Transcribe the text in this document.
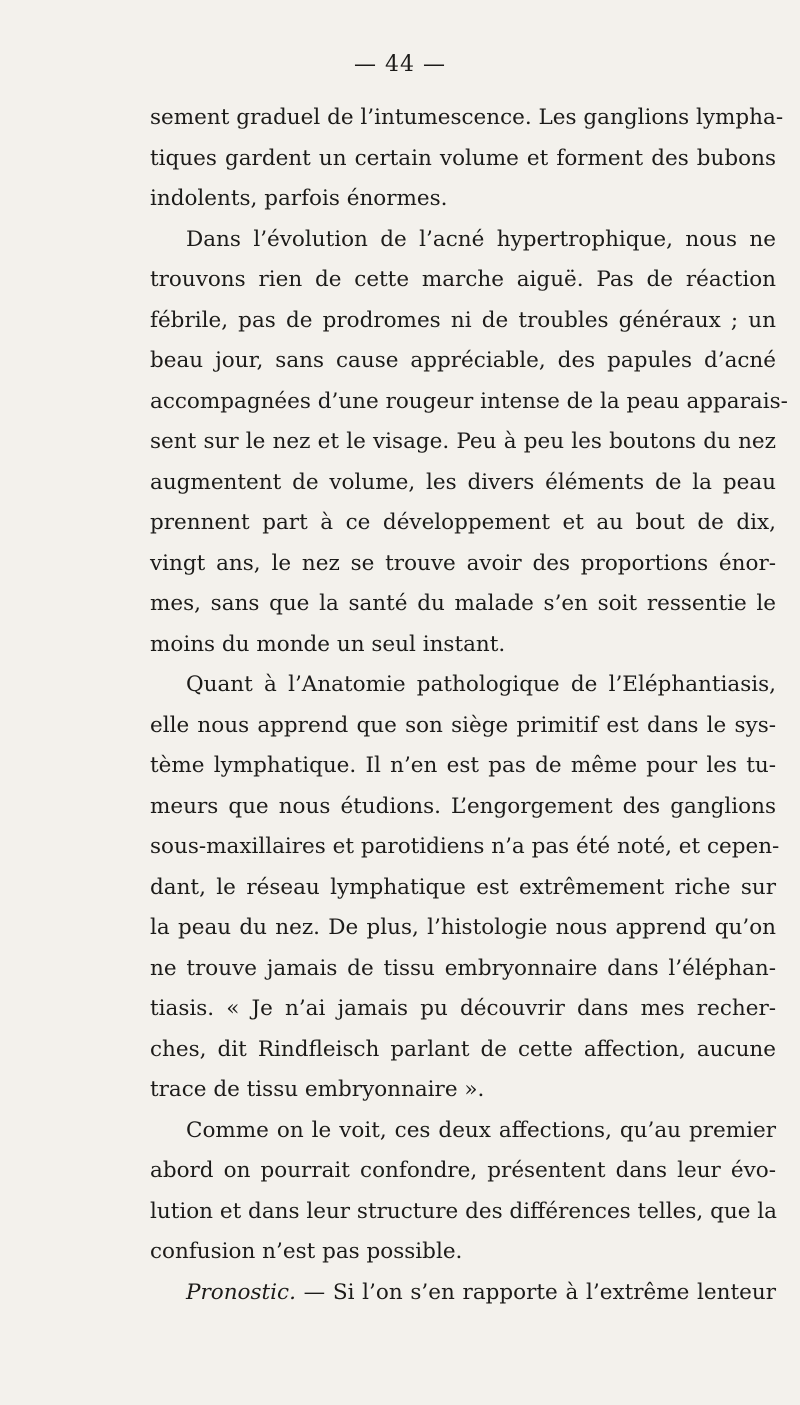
— 44 —
sement graduel de l’intumescence. Les ganglions lympha-
tiques gardent un certain volume et forment des bubons
indolents, parfois énormes.
Dans l’évolution de l’acné hypertrophique, nous ne
trouvons rien de cette marche aiguë. Pas de réaction
fébrile, pas de prodromes ni de troubles généraux ; un
beau jour, sans cause appréciable, des papules d’acné
accompagnées d’une rougeur intense de la peau apparais-
sent sur le nez et le visage. Peu à peu les boutons du nez
augmentent de volume, les divers éléments de la peau
prennent part à ce développement et au bout de dix,
vingt ans, le nez se trouve avoir des proportions énor-
mes, sans que la santé du malade s’en soit ressentie le
moins du monde un seul instant.
Quant à l’Anatomie pathologique de l’Eléphantiasis,
elle nous apprend que son siège primitif est dans le sys-
tème lymphatique. Il n’en est pas de même pour les tu-
meurs que nous étudions. L’engorgement des ganglions
sous-maxillaires et parotidiens n’a pas été noté, et cepen-
dant, le réseau lymphatique est extrêmement riche sur
la peau du nez. De plus, l’histologie nous apprend qu’on
ne trouve jamais de tissu embryonnaire dans l’éléphan-
tiasis. « Je n’ai jamais pu découvrir dans mes recher-
ches, dit Rindfleisch parlant de cette affection, aucune
trace de tissu embryonnaire ».
Comme on le voit, ces deux affections, qu’au premier
abord on pourrait confondre, présentent dans leur évo-
lution et dans leur structure des différences telles, que la
confusion n’est pas possible.
Pronostic. — Si l’on s’en rapporte à l’extrême lenteur
